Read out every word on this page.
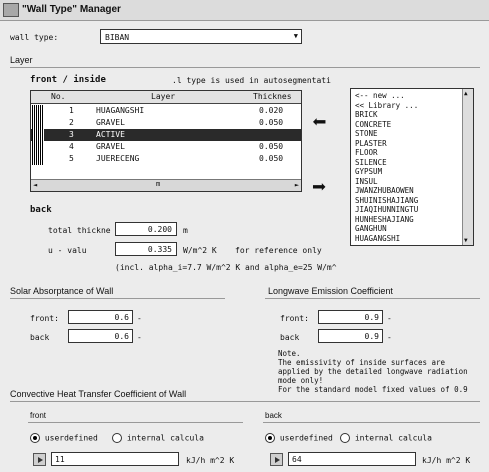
"Wall Type" Manager
wall type:	BIBAN	▼
Layer
front / inside	.l type is used in autosegmentati
No.	Layer	Thicknes
1	HUAGANGSHI	0.020
2	GRAVEL	0.050
3	ACTIVE
4	GRAVEL	0.050
5	JUERECENG	0.050
◄	m	►
⬅
➡
<-- new ...
<< Library ...
BRICK
CONCRETE
STONE
PLASTER
FLOOR
SILENCE
GYPSUM
INSUL
JWANZHUBAOWEN
SHUINISHAJIANG
JIAQIHUNNINGTU
HUNHESHAJIANG
GANGHUN
HUAGANGSHI
▲
▼
back
total thickne	0.200	m
u - valu	0.335	W/m^2 K for reference only
(incl. alpha_i=7.7 W/m^2 K and alpha_e=25 W/m^
Solar Absorptance of Wall
front:	0.6	-
back	0.6	-
Longwave Emission Coefficient
front:	0.9	-
back	0.9	-
Note.
The emissivity of inside surfaces are
applied by the detailed longwave radiation
mode only!
For the standard model fixed values of 0.9
Convective Heat Transfer Coefficient of Wall
front
userdefined	internal calcula
11	kJ/h m^2 K
back
userdefined	internal calcula
64	kJ/h m^2 K
